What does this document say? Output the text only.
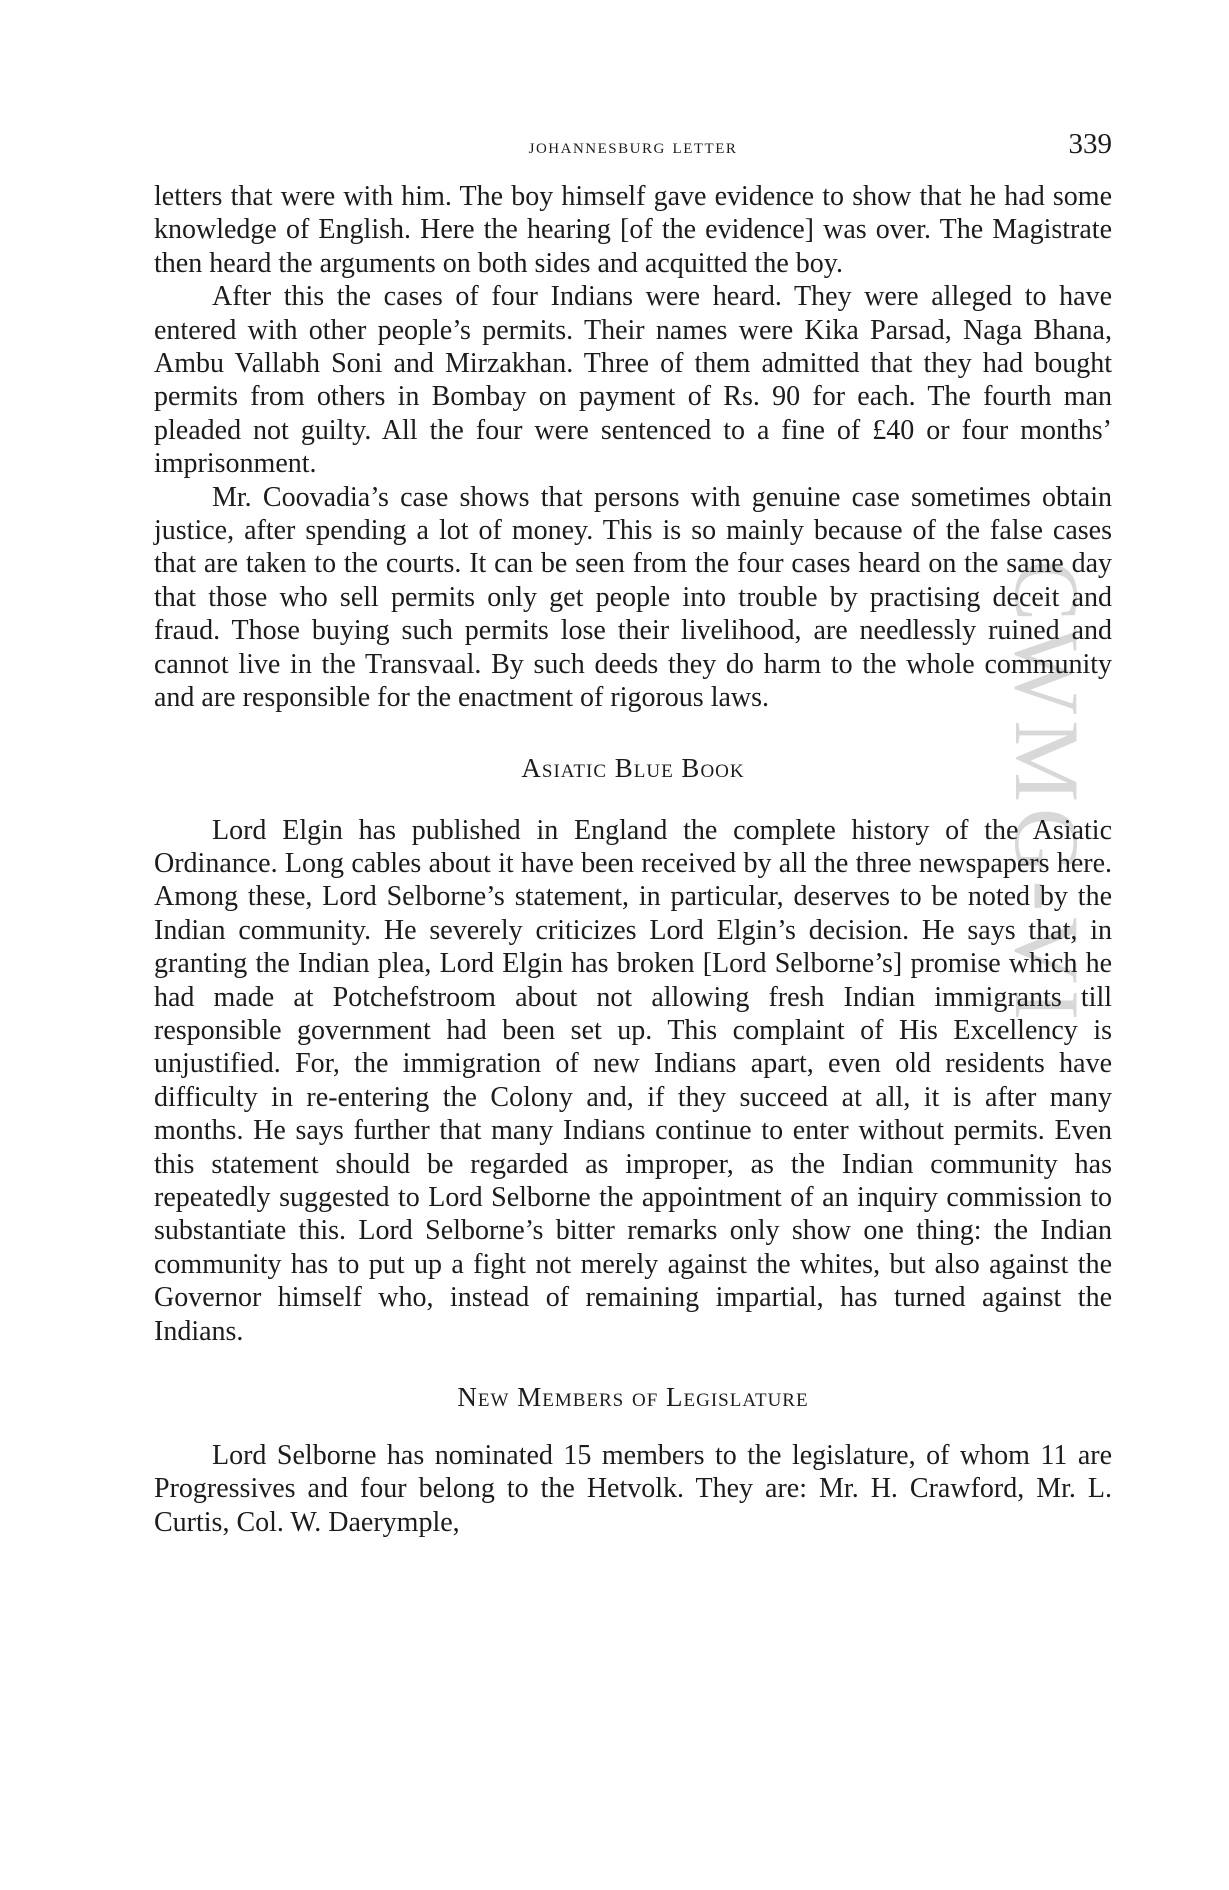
CWMG-VI
johannesburg letter	339

letters that were with him. The boy himself gave evidence to show that he had some knowledge of English. Here the hearing [of the evidence] was over. The Magistrate then heard the arguments on both sides and acquitted the boy.

After this the cases of four Indians were heard. They were alleged to have entered with other people’s permits. Their names were Kika Parsad, Naga Bhana, Ambu Vallabh Soni and Mirzakhan. Three of them admitted that they had bought permits from others in Bombay on payment of Rs. 90 for each. The fourth man pleaded not guilty. All the four were sentenced to a fine of £40 or four months’ imprisonment.

Mr. Coovadia’s case shows that persons with genuine case sometimes obtain justice, after spending a lot of money. This is so mainly because of the false cases that are taken to the courts. It can be seen from the four cases heard on the same day that those who sell permits only get people into trouble by practising deceit and fraud. Those buying such permits lose their livelihood, are needlessly ruined and cannot live in the Transvaal. By such deeds they do harm to the whole community and are responsible for the enactment of rigorous laws.

Asiatic Blue Book

Lord Elgin has published in England the complete history of the Asiatic Ordinance. Long cables about it have been received by all the three newspapers here. Among these, Lord Selborne’s statement, in particular, deserves to be noted by the Indian community. He severely criticizes Lord Elgin’s decision. He says that, in granting the Indian plea, Lord Elgin has broken [Lord Selborne’s] promise which he had made at Potchefstroom about not allowing fresh Indian immigrants till responsible government had been set up. This complaint of His Excellency is unjustified. For, the immigration of new Indians apart, even old residents have difficulty in re-entering the Colony and, if they succeed at all, it is after many months. He says further that many Indians continue to enter without permits. Even this statement should be regarded as improper, as the Indian community has repeatedly suggested to Lord Selborne the appointment of an inquiry commission to substantiate this. Lord Selborne’s bitter remarks only show one thing: the Indian community has to put up a fight not merely against the whites, but also against the Governor himself who, instead of remaining impartial, has turned against the Indians.

New Members of Legislature

Lord Selborne has nominated 15 members to the legislature, of whom 11 are Progressives and four belong to the Hetvolk. They are: Mr. H. Crawford, Mr. L. Curtis, Col. W. Daerymple,
